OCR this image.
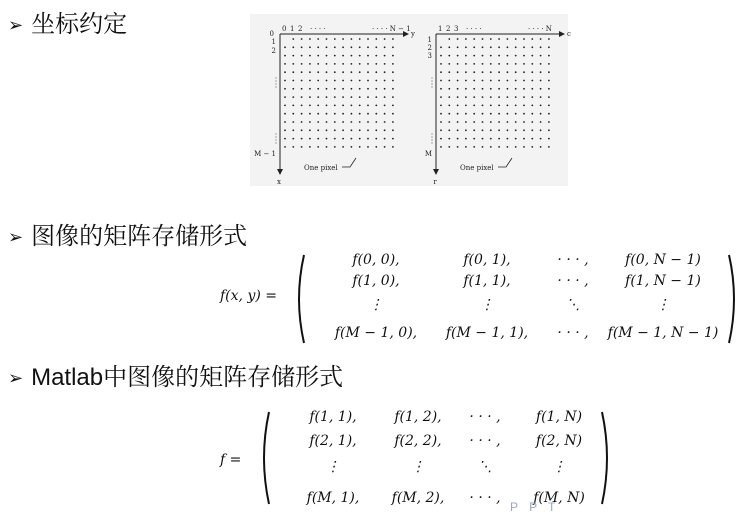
➢ 坐标约定	0 1 2 · · · ·	· · · · N − 1
y
x
0
1
2
M − 1
One pixel
1 2 3 · · · ·	· · · · N
c
r
1
2
3
M
One pixel
➢ 图像的矩阵存储形式
f(x, y) =
f(0, 0),	f(0, 1),	· · · ,	f(0, N − 1)
f(1, 0),	f(1, 1),	· · · ,	f(1, N − 1)
⋮	⋮	⋱	⋮
f(M − 1, 0),	f(M − 1, 1),	· · · ,	f(M − 1, N − 1)
➢ Matlab中图像的矩阵存储形式
f =
f(1, 1),	f(1, 2),	· · · ,	f(1, N)
f(2, 1),	f(2, 2),	· · · ,	f(2, N)
⋮	⋮	⋱	⋮
f(M, 1),	f(M, 2),	· · · ,	f(M, N)
P P T
